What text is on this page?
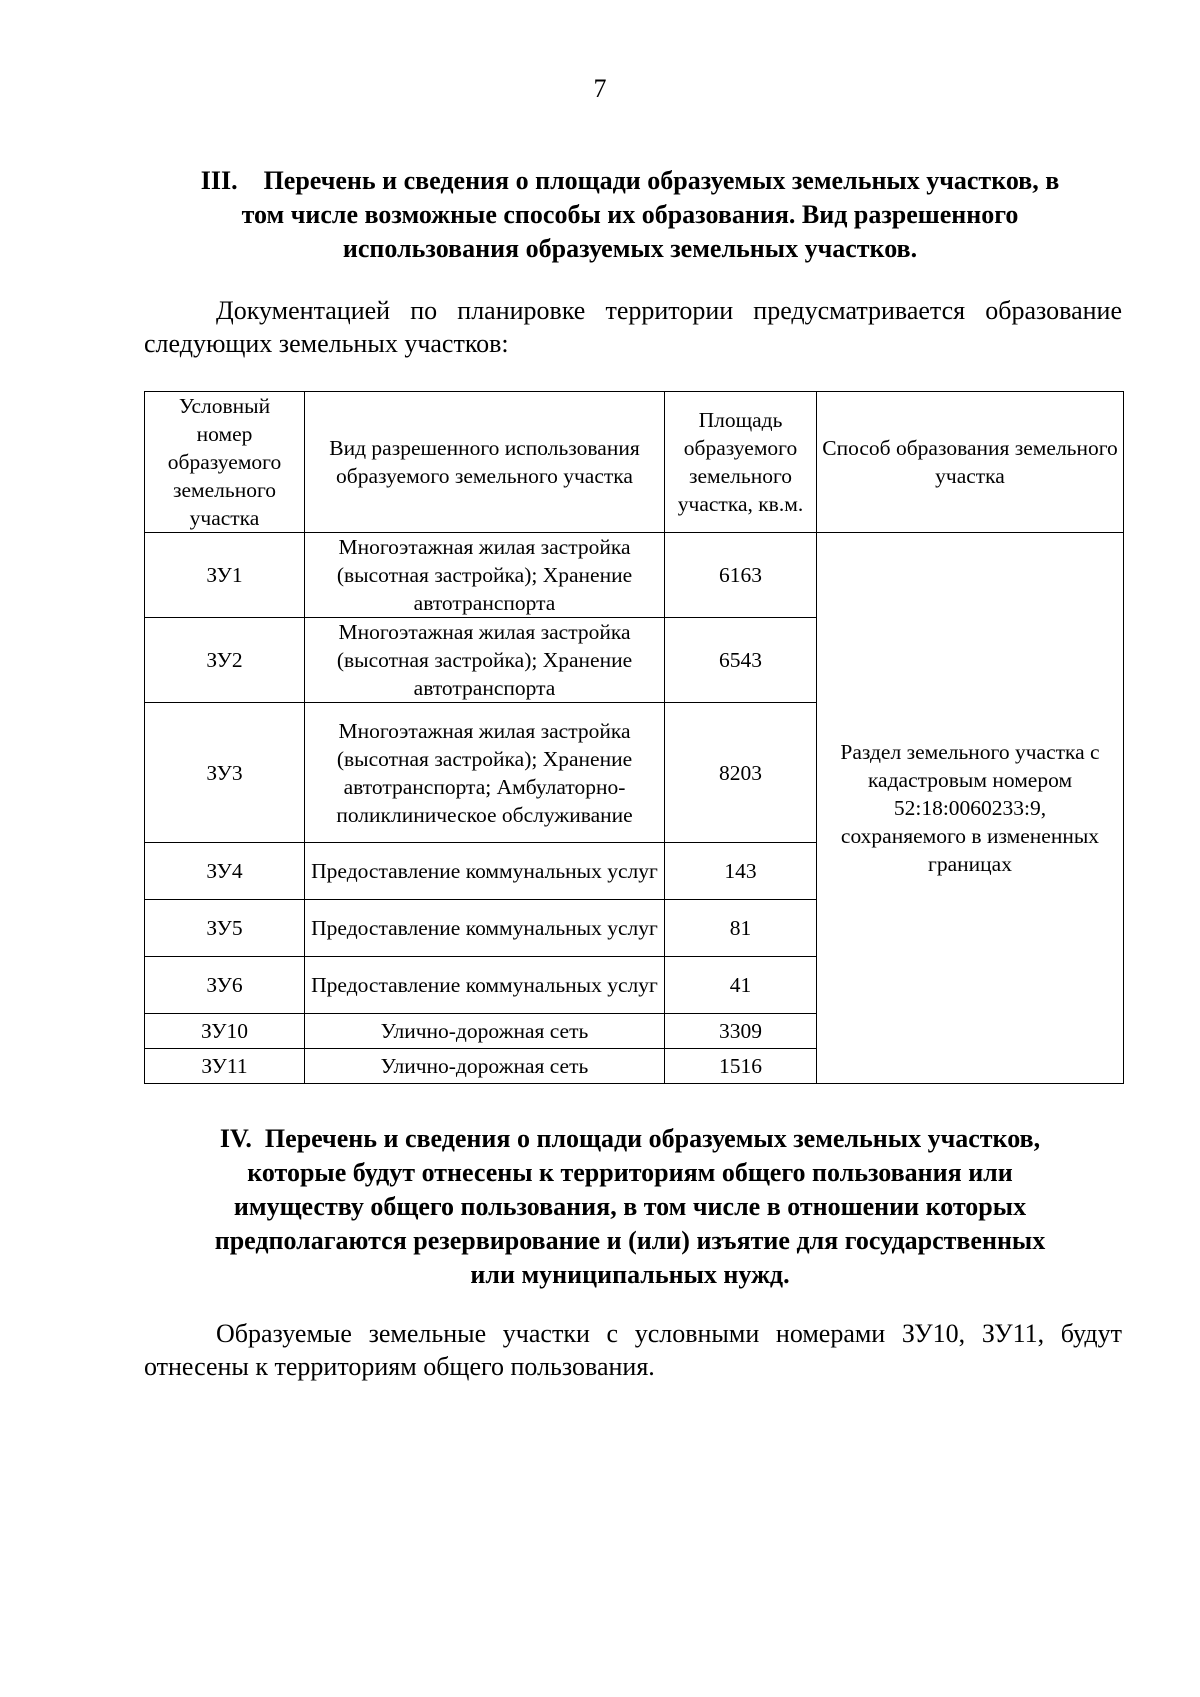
7
III.    Перечень и сведения о площади образуемых земельных участков, в
том числе возможные способы их образования. Вид разрешенного
использования образуемых земельных участков.

Документацией по планировке территории предусматривается образование следующих земельных участков:

Условный номер образуемого земельного участка	Вид разрешенного использования образуемого земельного участка	Площадь образуемого земельного участка, кв.м.	Способ образования земельного участка
ЗУ1	Многоэтажная жилая застройка (высотная застройка); Хранение автотранспорта	6163	Раздел земельного участка с кадастровым номером 52:18:0060233:9, сохраняемого в измененных границах
ЗУ2	Многоэтажная жилая застройка (высотная застройка); Хранение автотранспорта	6543	
ЗУ3	Многоэтажная жилая застройка (высотная застройка); Хранение автотранспорта; Амбулаторно-поликлиническое обслуживание	8203	
ЗУ4	Предоставление коммунальных услуг	143	
ЗУ5	Предоставление коммунальных услуг	81	
ЗУ6	Предоставление коммунальных услуг	41	
ЗУ10	Улично-дорожная сеть	3309	
ЗУ11	Улично-дорожная сеть	1516	
IV.  Перечень и сведения о площади образуемых земельных участков,
которые будут отнесены к территориям общего пользования или
имуществу общего пользования, в том числе в отношении которых
предполагаются резервирование и (или) изъятие для государственных
или муниципальных нужд.

Образуемые земельные участки с условными номерами ЗУ10, ЗУ11, будут отнесены к территориям общего пользования.
